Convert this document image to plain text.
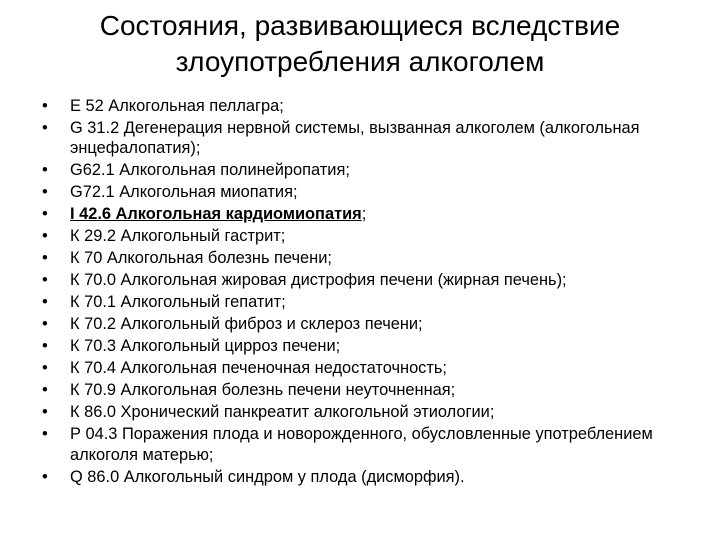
Состояния, развивающиеся вследствие
злоупотребления алкоголем
• Е 52 Алкогольная пеллагра;
• G 31.2 Дегенерация нервной системы, вызванная алкоголем (алкогольная энцефалопатия);
• G62.1 Алкогольная полинейропатия;
• G72.1 Алкогольная миопатия;
• I 42.6 Алкогольная кардиомиопатия;
• К 29.2 Алкогольный гастрит;
• К 70 Алкогольная болезнь печени;
• К 70.0 Алкогольная жировая дистрофия печени (жирная печень);
• К 70.1 Алкогольный гепатит;
• К 70.2 Алкогольный фиброз и склероз печени;
• К 70.3 Алкогольный цирроз печени;
• К 70.4 Алкогольная печеночная недостаточность;
• К 70.9 Алкогольная болезнь печени неуточненная;
• К 86.0 Хронический панкреатит алкогольной этиологии;
• Р 04.3 Поражения плода и новорожденного, обусловленные употреблением алкоголя матерью;
• Q 86.0 Алкогольный синдром у плода (дисморфия).
